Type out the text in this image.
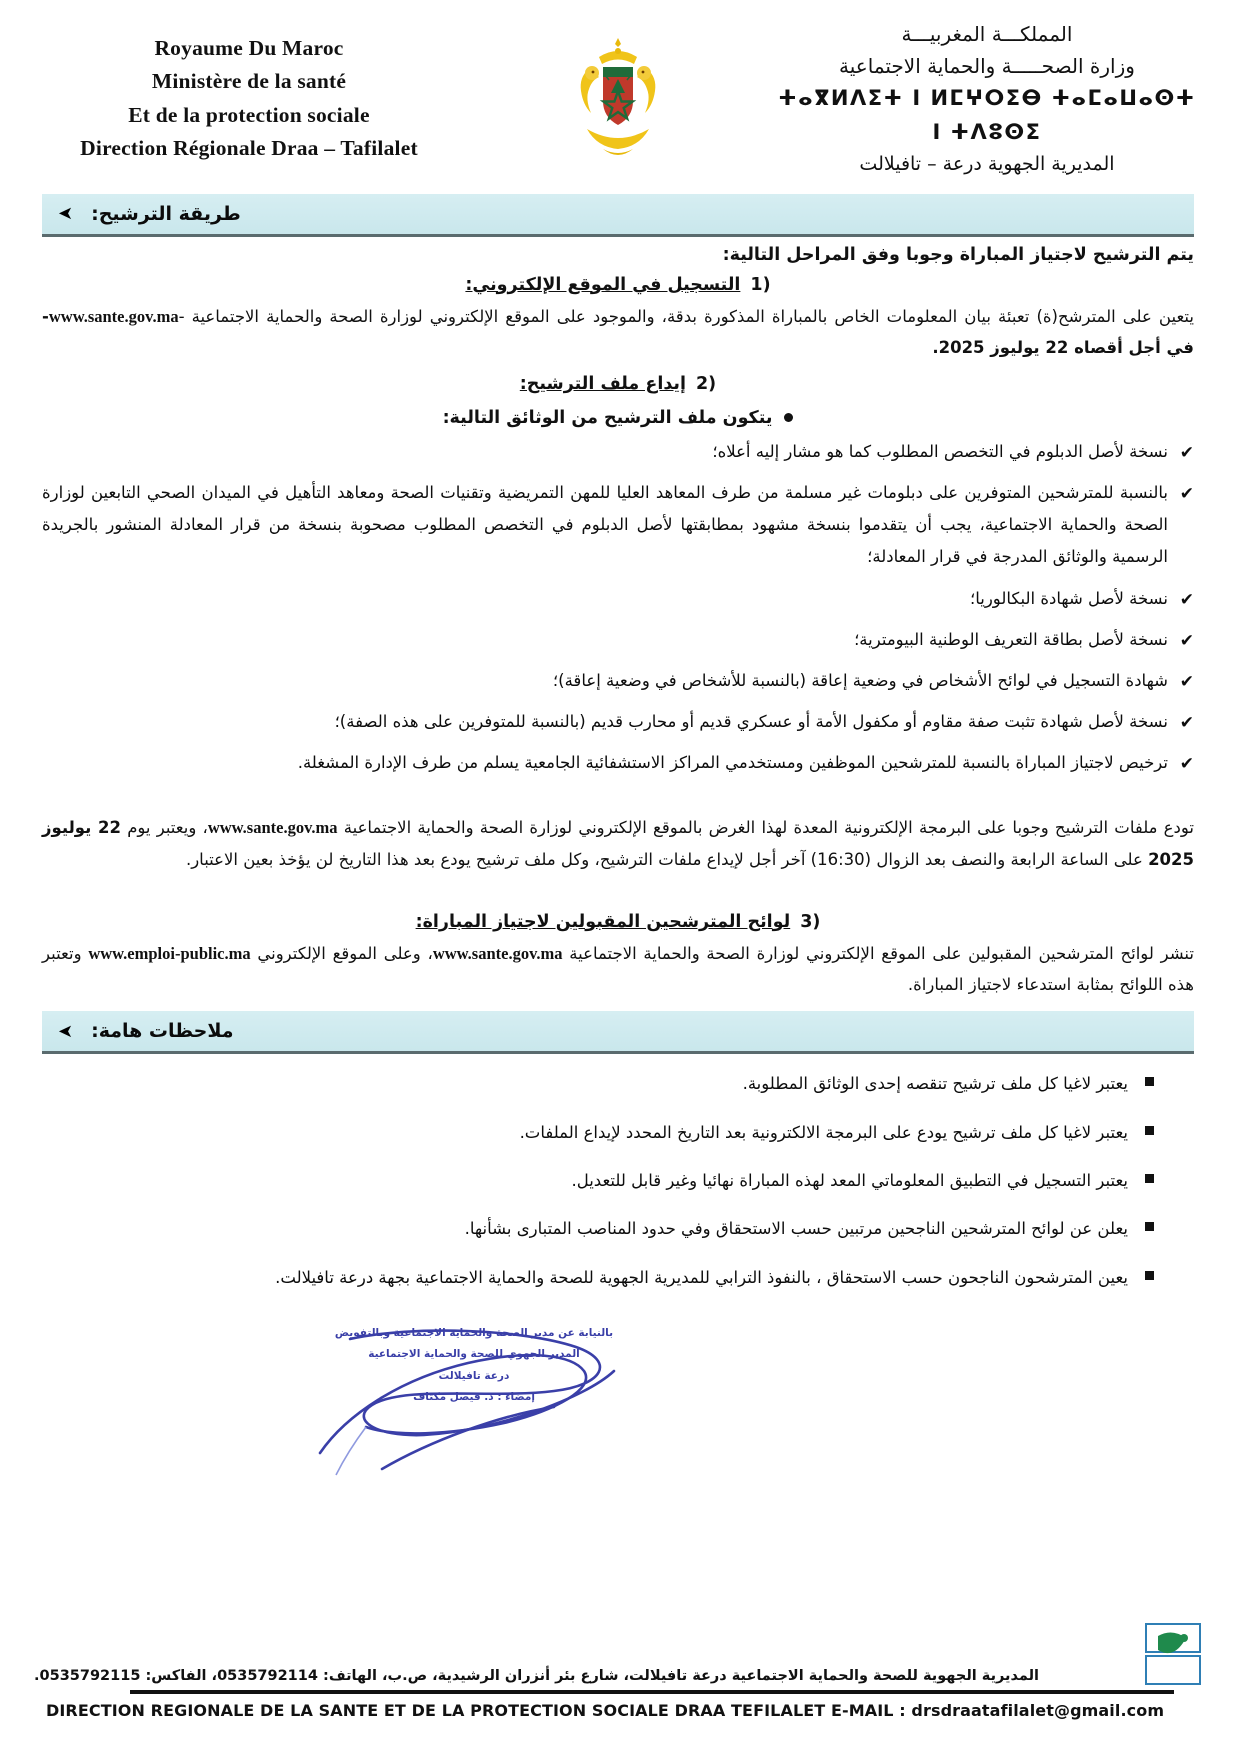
Royaume Du Maroc
Ministère de la santé
Et de la protection sociale
Direction Régionale Draa – Tafilalet
المملكـــة المغربيـــة
وزارة الصحـــــة والحماية الاجتماعية
ⵜⴰⴳⵍⴷⵉⵜ ⵏ ⵍⵎⵖⵔⵉⴱ ⵜⴰⵎⴰⵡⴰⵙⵜ ⵏ ⵜⴷⵓⵙⵉ
المديرية الجهوية درعة – تافيلالت
طريقة الترشيح:
➤

يتم الترشيح لاجتياز المباراة وجوبا وفق المراحل التالية:

1)التسجيل في الموقع الإلكتروني:

يتعين على المترشح(ة) تعبئة بيان المعلومات الخاص بالمباراة المذكورة بدقة، والموجود على الموقع الإلكتروني لوزارة الصحة والحماية الاجتماعية -www.sante.gov.ma- في أجل أقصاه 22 يوليوز 2025.

2)إيداع ملف الترشيح:
يتكون ملف الترشيح من الوثائق التالية:
✔
نسخة لأصل الدبلوم في التخصص المطلوب كما هو مشار إليه أعلاه؛
✔
بالنسبة للمترشحين المتوفرين على دبلومات غير مسلمة من طرف المعاهد العليا للمهن التمريضية وتقنيات الصحة ومعاهد التأهيل في الميدان الصحي التابعين لوزارة الصحة والحماية الاجتماعية، يجب أن يتقدموا بنسخة مشهود بمطابقتها لأصل الدبلوم في التخصص المطلوب مصحوبة بنسخة من قرار المعادلة المنشور بالجريدة الرسمية والوثائق المدرجة في قرار المعادلة؛
✔
نسخة لأصل شهادة البكالوريا؛
✔
نسخة لأصل بطاقة التعريف الوطنية البيومترية؛
✔
شهادة التسجيل في لوائح الأشخاص في وضعية إعاقة (بالنسبة للأشخاص في وضعية إعاقة)؛
✔
نسخة لأصل شهادة تثبت صفة مقاوم أو مكفول الأمة أو عسكري قديم أو محارب قديم (بالنسبة للمتوفرين على هذه الصفة)؛
✔
ترخيص لاجتياز المباراة بالنسبة للمترشحين الموظفين ومستخدمي المراكز الاستشفائية الجامعية يسلم من طرف الإدارة المشغلة.

تودع ملفات الترشيح وجوبا على البرمجة الإلكترونية المعدة لهذا الغرض بالموقع الإلكتروني لوزارة الصحة والحماية الاجتماعية www.sante.gov.ma، ويعتبر يوم 22 يوليوز 2025 على الساعة الرابعة والنصف بعد الزوال (16:30) آخر أجل لإيداع ملفات الترشيح، وكل ملف ترشيح يودع بعد هذا التاريخ لن يؤخذ بعين الاعتبار.

3)لوائح المترشحين المقبولين لاجتياز المباراة:

تنشر لوائح المترشحين المقبولين على الموقع الإلكتروني لوزارة الصحة والحماية الاجتماعية www.sante.gov.ma، وعلى الموقع الإلكتروني www.emploi-public.ma وتعتبر هذه اللوائح بمثابة استدعاء لاجتياز المباراة.

ملاحظات هامة:
➤
يعتبر لاغيا كل ملف ترشيح تنقصه إحدى الوثائق المطلوبة.
يعتبر لاغيا كل ملف ترشيح يودع على البرمجة الالكترونية بعد التاريخ المحدد لإيداع الملفات.
يعتبر التسجيل في التطبيق المعلوماتي المعد لهذه المباراة نهائيا وغير قابل للتعديل.
يعلن عن لوائح المترشحين الناجحين مرتبين حسب الاستحقاق وفي حدود المناصب المتبارى بشأنها.
يعين المترشحون الناجحون حسب الاستحقاق ، بالنفوذ الترابي للمديرية الجهوية للصحة والحماية الاجتماعية بجهة درعة تافيلالت.
بالنيابة عن مدير الصحة والحماية الاجتماعية وبالتفويض
المدير الجهوي للصحة والحماية الاجتماعية
درعة تافيلالت
إمضاء : د. فيصل مكتاف
المديرية الجهوية للصحة والحماية الاجتماعية درعة تافيلالت، شارع بئر أنزران الرشيدية، ص.ب، الهاتف: 0535792114، الفاكس: 0535792115.
DIRECTION REGIONALE DE LA SANTE ET DE LA PROTECTION SOCIALE DRAA TEFILALET E-MAIL : drsdraatafilalet@gmail.com
